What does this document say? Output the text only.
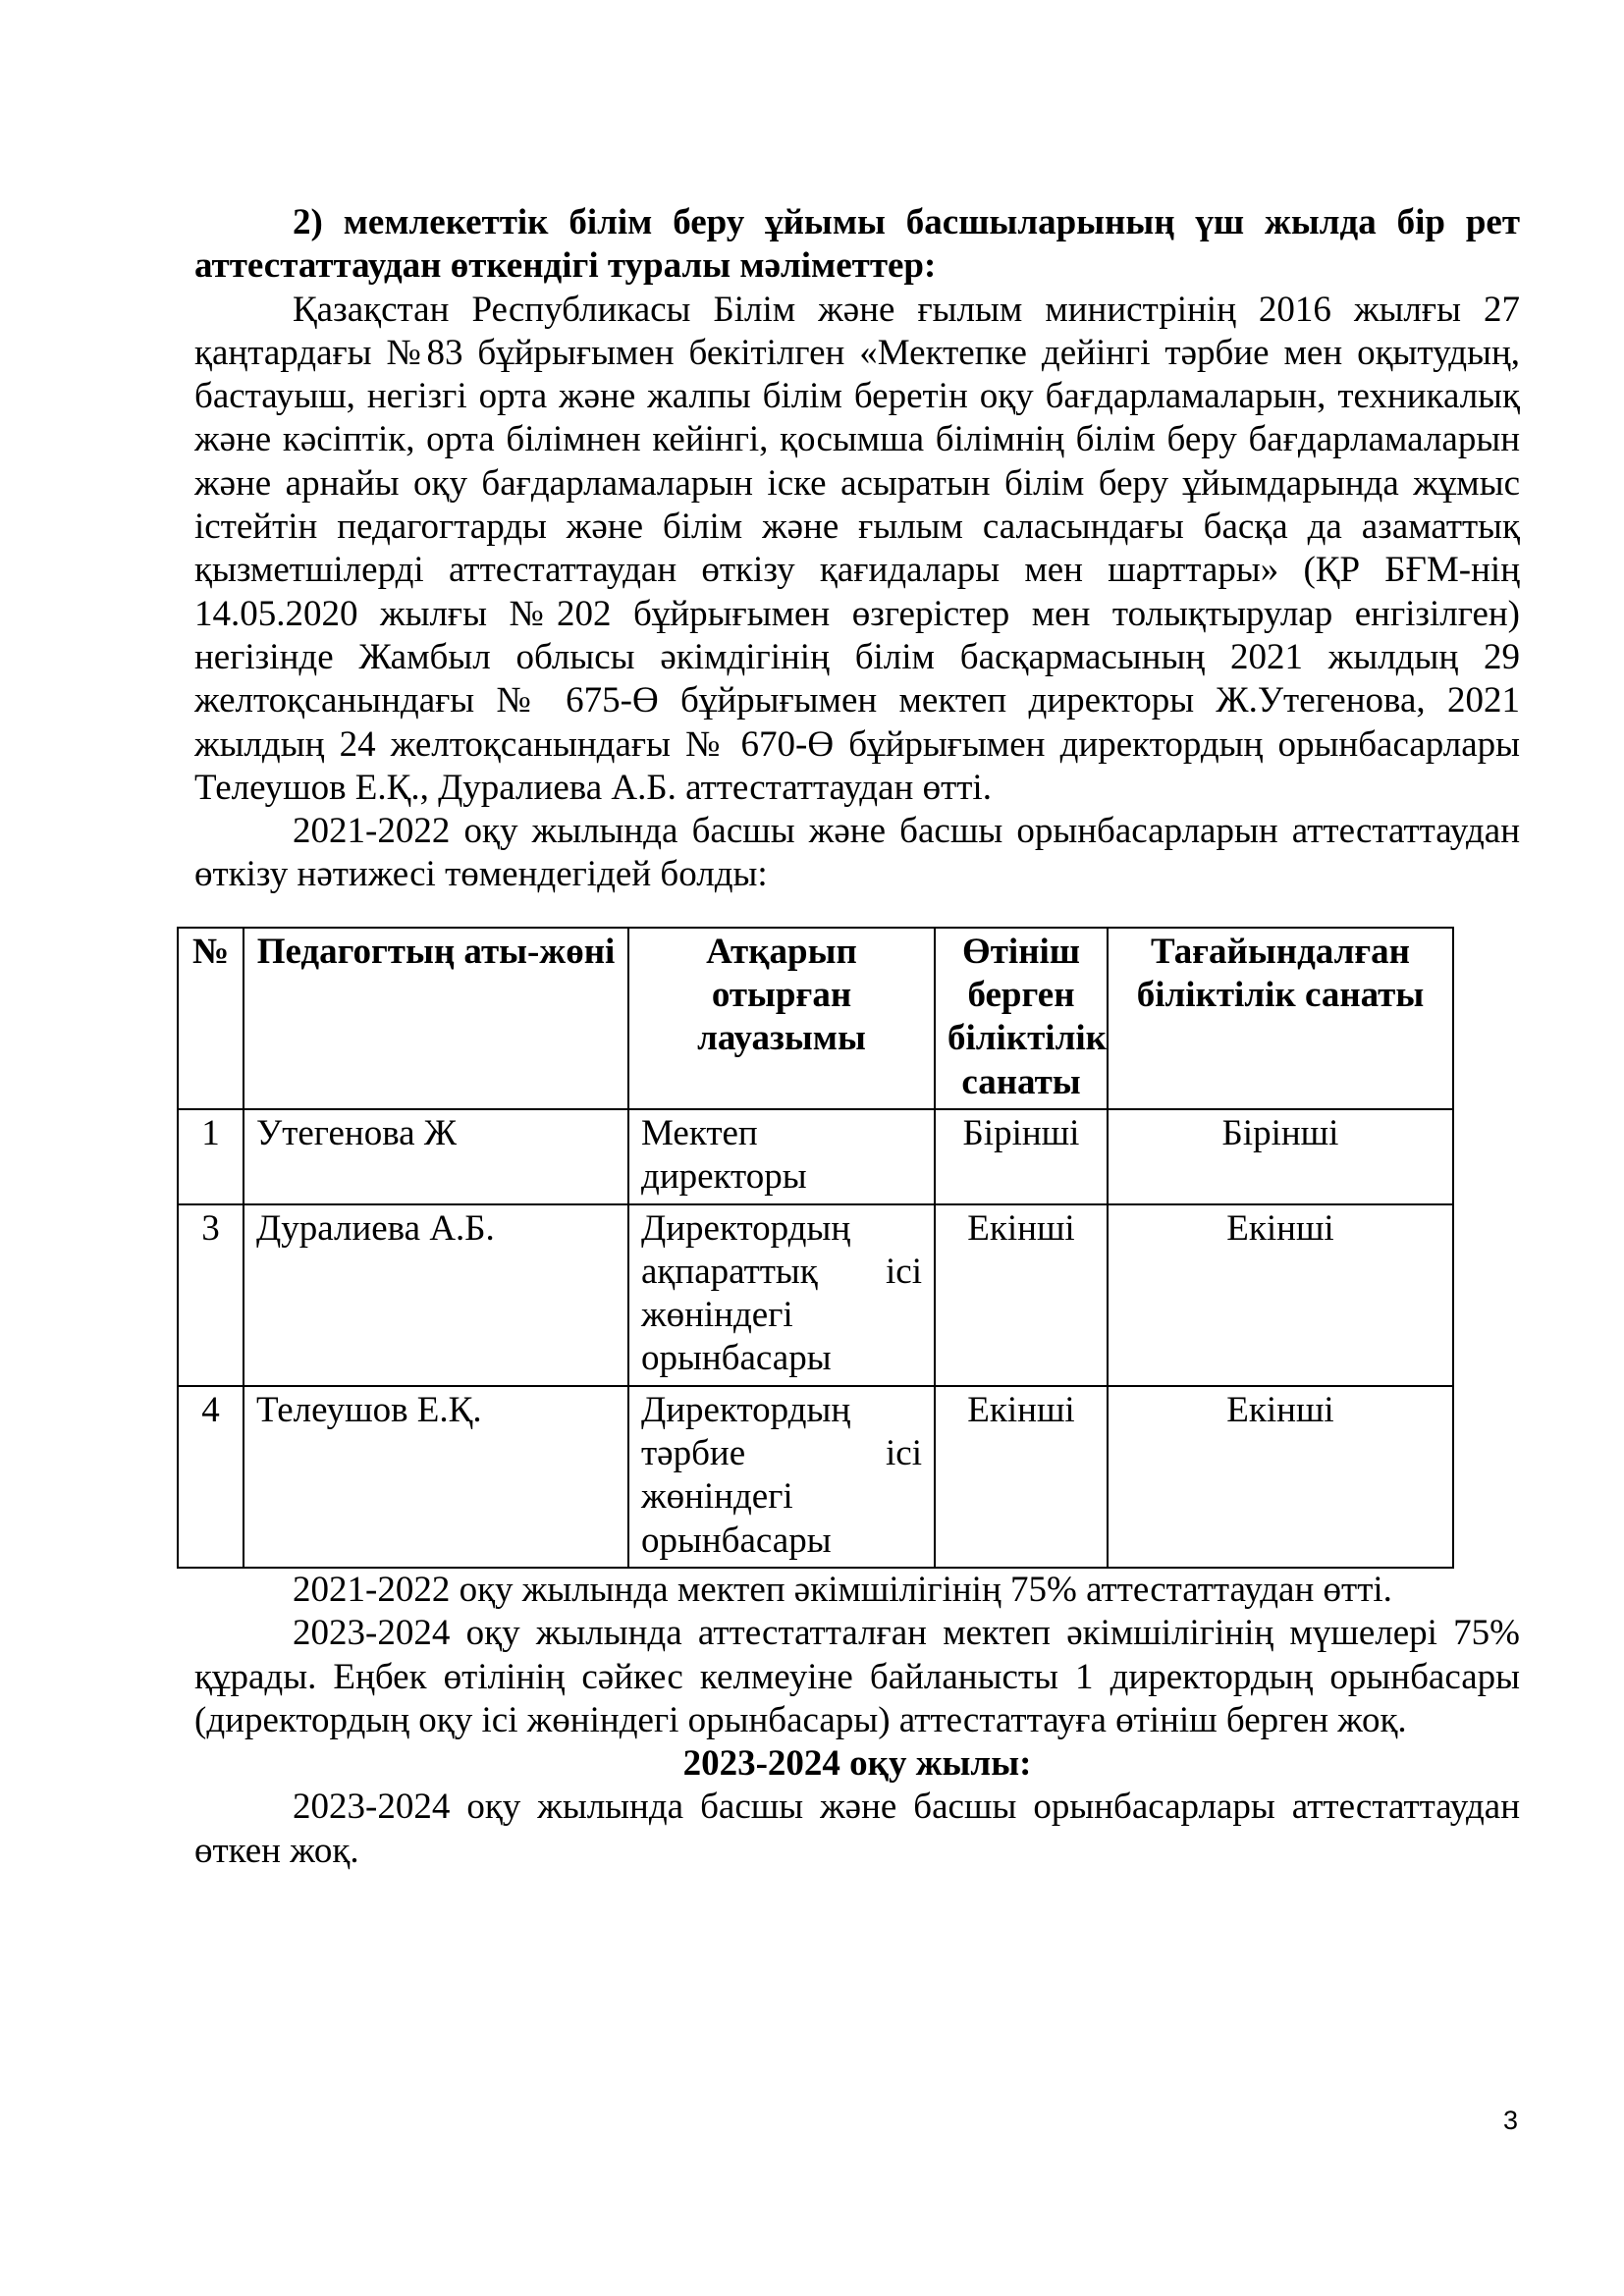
2) мемлекеттік білім беру ұйымы басшыларының үш жылда бір рет аттестаттаудан өткендігі туралы мәліметтер:

Қазақстан Республикасы Білім және ғылым министрінің 2016 жылғы 27 қаңтардағы №83 бұйрығымен бекітілген «Мектепке дейінгі тәрбие мен оқытудың, бастауыш, негізгі орта және жалпы білім беретін оқу бағдарламаларын, техникалық және кәсіптік, орта білімнен кейінгі, қосымша білімнің білім беру бағдарламаларын және арнайы оқу бағдарламаларын іске асыратын білім беру ұйымдарында жұмыс істейтін педагогтарды және білім және ғылым саласындағы басқа да азаматтық қызметшілерді аттестаттаудан өткізу қағидалары мен шарттары» (ҚР БҒМ-нің 14.05.2020 жылғы №202 бұйрығымен өзгерістер мен толықтырулар енгізілген) негізінде Жамбыл облысы әкімдігінің білім басқармасының 2021 жылдың 29 желтоқсанындағы № 675-Ө бұйрығымен мектеп директоры Ж.Утегенова, 2021 жылдың 24 желтоқсанындағы № 670-Ө бұйрығымен директордың орынбасарлары Телеушов Е.Қ., Дуралиева А.Б. аттестаттаудан өтті.

2021-2022 оқу жылында басшы және басшы орынбасарларын аттестаттаудан өткізу нәтижесі төмендегідей болды:

№	Педагогтың аты-жөні	Атқарып отырған лауазымы	Өтініш берген біліктілік санаты	Тағайындалған біліктілік санаты
1	Утегенова Ж	Мектеп директоры	Бірінші	Бірінші
3	Дуралиева А.Б.	Директордың ақпараттық ісі жөніндегі орынбасары	Екінші	Екінші
4	Телеушов Е.Қ.	Директордың тәрбие ісі жөніндегі орынбасары	Екінші	Екінші

2021-2022 оқу жылында мектеп әкімшілігінің 75% аттестаттаудан өтті.

2023-2024 оқу жылында аттестатталған мектеп әкімшілігінің мүшелері 75% құрады. Еңбек өтілінің сәйкес келмеуіне байланысты 1 директордың орынбасары (директордың оқу ісі жөніндегі орынбасары) аттестаттауға өтініш берген жоқ.

2023-2024 оқу жылы:

2023-2024 оқу жылында басшы және басшы орынбасарлары аттестаттаудан өткен жоқ.

3
